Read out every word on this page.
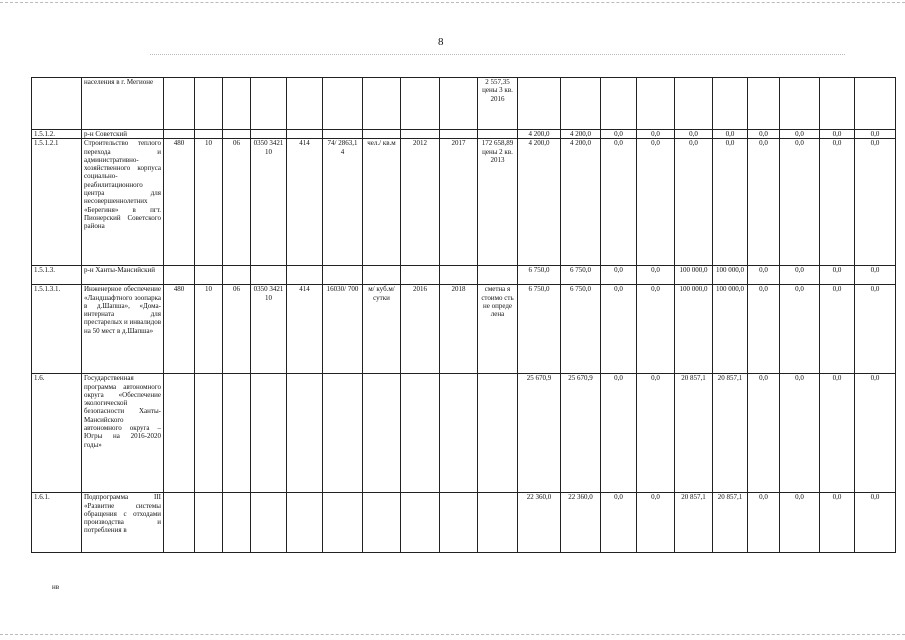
8
	населения в г. Мегионе										2 557,35 цены 3 кв. 2016										
1.5.1.2.	р-н Советский											4 200,0	4 200,0	0,0	0,0	0,0	0,0	0,0	0,0	0,0	0,0
1.5.1.2.1	Строительство теплого перехода и административно-хозяйственного корпуса социально-реабилитационного центра для несовершеннолетних «Берегиня» в пгт. Пионерский Советского района	480	10	06	0350 3421 10	414	74/ 2863,1 4	чел./ кв.м	2012	2017	172 658,89 цены 2 кв. 2013	4 200,0	4 200,0	0,0	0,0	0,0	0,0	0,0	0,0	0,0	0,0
1.5.1.3.	р-н Ханты-Мансийский											6 750,0	6 750,0	0,0	0,0	100 000,0	100 000,0	0,0	0,0	0,0	0,0
1.5.1.3.1.	Инженерное обеспечение «Ландшафтного зоопарка в д.Шапша», «Дома-интерната для престарелых и инвалидов на 50 мест в д.Шапша»	480	10	06	0350 3421 10	414	16030/ 700	м/ куб.м/ сутки	2016	2018	сметна я стоимо сть не опреде лена	6 750,0	6 750,0	0,0	0,0	100 000,0	100 000,0	0,0	0,0	0,0	0,0
1.6.	Государственная программа автономного округа «Обеспечение экологической безопасности Ханты-Мансийского автономного округа – Югры на 2016-2020 годы»											25 670,9	25 670,9	0,0	0,0	20 857,1	20 857,1	0,0	0,0	0,0	0,0
1.6.1.	Подпрограмма III «Развитие системы обращения с отходами производства и потребления в											22 360,0	22 360,0	0,0	0,0	20 857,1	20 857,1	0,0	0,0	0,0	0,0
нв
